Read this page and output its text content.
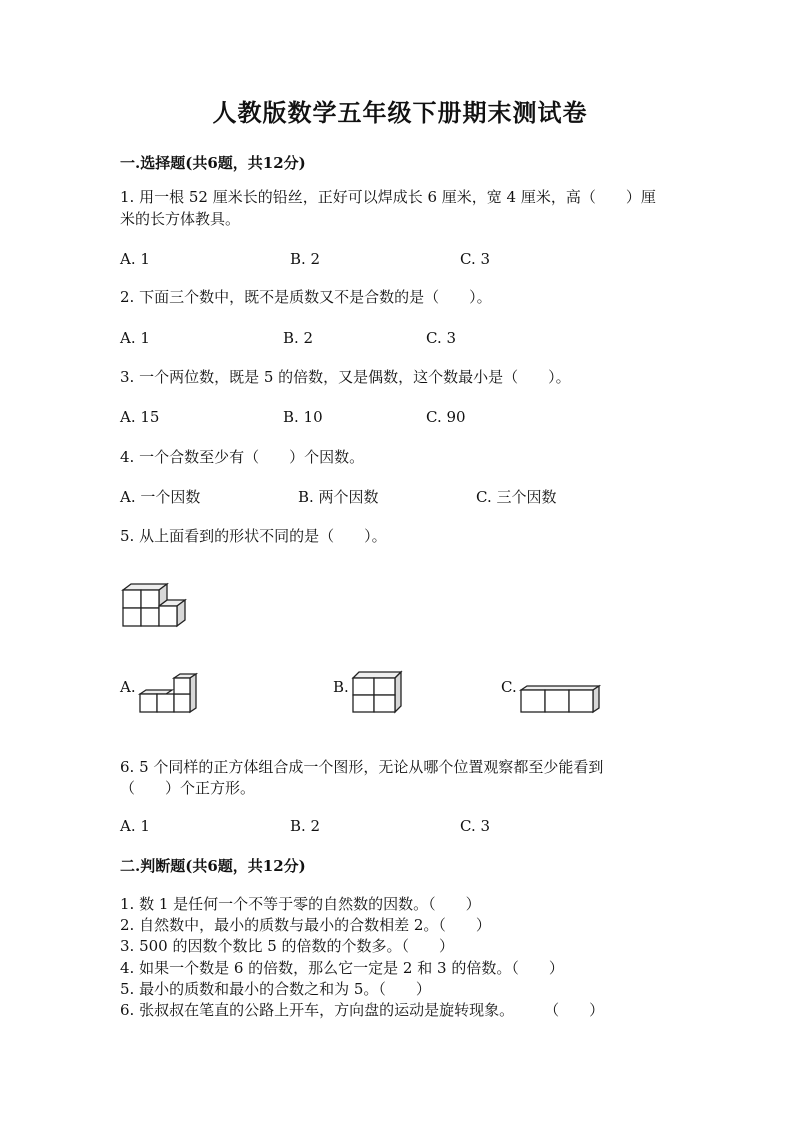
人教版数学五年级下册期末测试卷
一.选择题(共6题，共12分)
1. 用一根 52 厘米长的铅丝，正好可以焊成长 6 厘米，宽 4 厘米，高（　　）厘
米的长方体教具。
A. 1	B. 2	C. 3
2. 下面三个数中，既不是质数又不是合数的是（　　）。
A. 1	B. 2	C. 3
3. 一个两位数，既是 5 的倍数，又是偶数，这个数最小是（　　）。
A. 15	B. 10	C. 90
4. 一个合数至少有（　　）个因数。
A. 一个因数	B. 两个因数	C. 三个因数
5. 从上面看到的形状不同的是（　　）。
A.	B.	C.
6. 5 个同样的正方体组合成一个图形，无论从哪个位置观察都至少能看到
（　　）个正方形。
A. 1	B. 2	C. 3
二.判断题(共6题，共12分)
1. 数 1 是任何一个不等于零的自然数的因数。（　　）
2. 自然数中，最小的质数与最小的合数相差 2。（　　）
3. 500 的因数个数比 5 的倍数的个数多。（　　）
4. 如果一个数是 6 的倍数，那么它一定是 2 和 3 的倍数。（　　）
5. 最小的质数和最小的合数之和为 5。（　　）
6. 张叔叔在笔直的公路上开车，方向盘的运动是旋转现象。　　　（　　）
